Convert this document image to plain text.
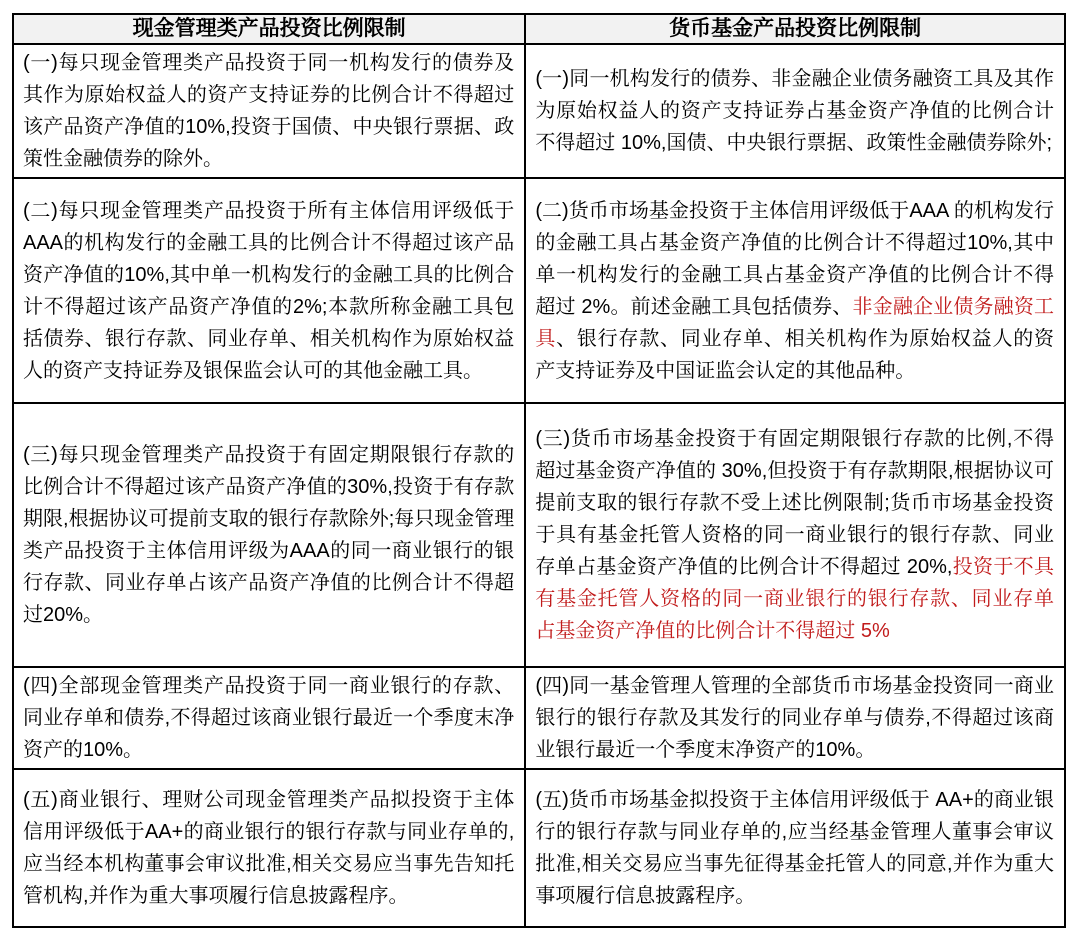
现金管理类产品投资比例限制	货币基金产品投资比例限制

(一)每只现金管理类产品投资于同一机构发行的债券及其作为原始权益人的资产支持证券的比例合计不得超过该产品资产净值的10%,投资于国债、中央银行票据、政策性金融债券的除外。	(一)同一机构发行的债券、非金融企业债务融资工具及其作为原始权益人的资产支持证券占基金资产净值的比例合计不得超过 10%,国债、中央银行票据、政策性金融债券除外;

(二)每只现金管理类产品投资于所有主体信用评级低于AAA的机构发行的金融工具的比例合计不得超过该产品资产净值的10%,其中单一机构发行的金融工具的比例合计不得超过该产品资产净值的2%;本款所称金融工具包括债券、银行存款、同业存单、相关机构作为原始权益人的资产支持证券及银保监会认可的其他金融工具。	(二)货币市场基金投资于主体信用评级低于AAA 的机构发行的金融工具占基金资产净值的比例合计不得超过10%,其中单一机构发行的金融工具占基金资产净值的比例合计不得超过 2%。前述金融工具包括债券、非金融企业债务融资工具、银行存款、同业存单、相关机构作为原始权益人的资产支持证券及中国证监会认定的其他品种。

(三)每只现金管理类产品投资于有固定期限银行存款的比例合计不得超过该产品资产净值的30%,投资于有存款期限,根据协议可提前支取的银行存款除外;每只现金管理类产品投资于主体信用评级为AAA的同一商业银行的银行存款、同业存单占该产品资产净值的比例合计不得超过20%。	(三)货币市场基金投资于有固定期限银行存款的比例,不得超过基金资产净值的 30%,但投资于有存款期限,根据协议可提前支取的银行存款不受上述比例限制;货币市场基金投资于具有基金托管人资格的同一商业银行的银行存款、同业存单占基金资产净值的比例合计不得超过 20%,投资于不具有基金托管人资格的同一商业银行的银行存款、同业存单占基金资产净值的比例合计不得超过 5%

(四)全部现金管理类产品投资于同一商业银行的存款、同业存单和债券,不得超过该商业银行最近一个季度末净资产的10%。	(四)同一基金管理人管理的全部货币市场基金投资同一商业银行的银行存款及其发行的同业存单与债券,不得超过该商业银行最近一个季度末净资产的10%。

(五)商业银行、理财公司现金管理类产品拟投资于主体信用评级低于AA+的商业银行的银行存款与同业存单的,应当经本机构董事会审议批准,相关交易应当事先告知托管机构,并作为重大事项履行信息披露程序。	(五)货币市场基金拟投资于主体信用评级低于 AA+的商业银行的银行存款与同业存单的,应当经基金管理人董事会审议批准,相关交易应当事先征得基金托管人的同意,并作为重大事项履行信息披露程序。
